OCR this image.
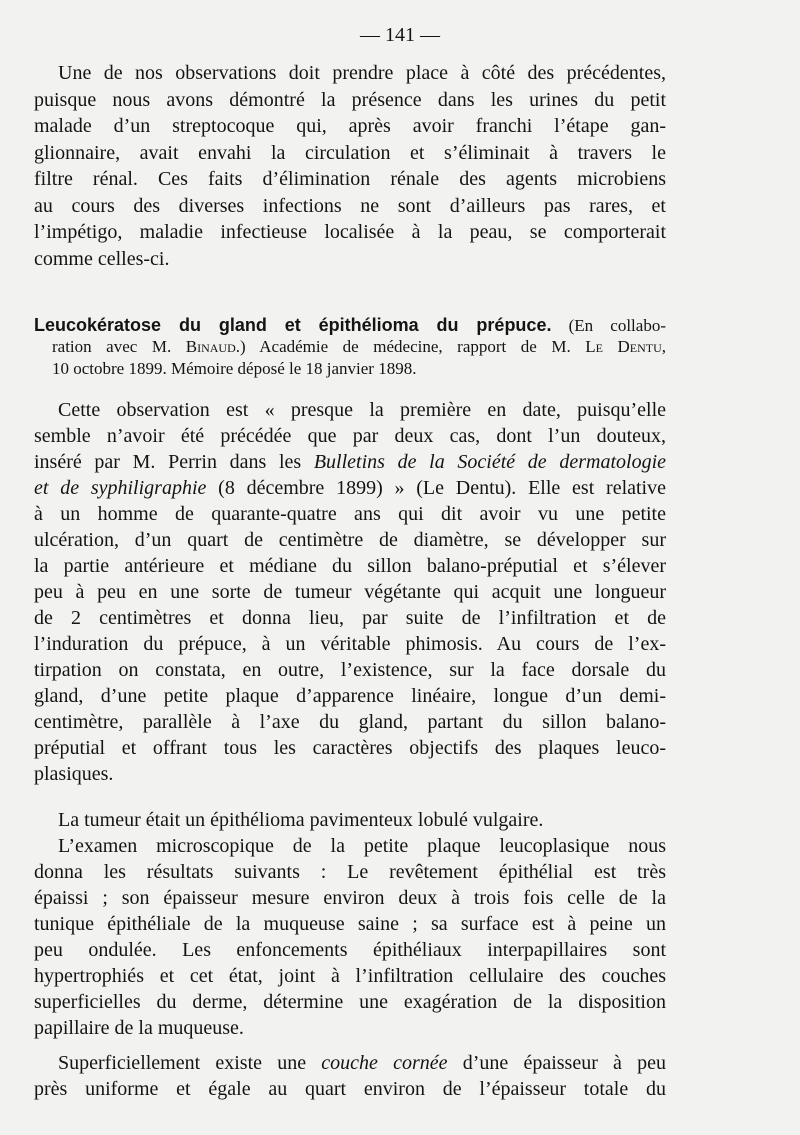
— 141 —
Une de nos observations doit prendre place à côté des précédentes,
puisque nous avons démontré la présence dans les urines du petit
malade d’un streptocoque qui, après avoir franchi l’étape gan-
glionnaire, avait envahi la circulation et s’éliminait à travers le
filtre rénal. Ces faits d’élimination rénale des agents microbiens
au cours des diverses infections ne sont d’ailleurs pas rares, et
l’impétigo, maladie infectieuse localisée à la peau, se comporterait
comme celles-ci.
Leucokératose du gland et épithélioma du prépuce. (En collabo-
ration avec M. Binaud.) Académie de médecine, rapport de M. Le Dentu,
10 octobre 1899. Mémoire déposé le 18 janvier 1898.
Cette observation est « presque la première en date, puisqu’elle
semble n’avoir été précédée que par deux cas, dont l’un douteux,
inséré par M. Perrin dans les Bulletins de la Société de dermatologie
et de syphiligraphie (8 décembre 1899) » (Le Dentu). Elle est relative
à un homme de quarante-quatre ans qui dit avoir vu une petite
ulcération, d’un quart de centimètre de diamètre, se développer sur
la partie antérieure et médiane du sillon balano-préputial et s’élever
peu à peu en une sorte de tumeur végétante qui acquit une longueur
de 2 centimètres et donna lieu, par suite de l’infiltration et de
l’induration du prépuce, à un véritable phimosis. Au cours de l’ex-
tirpation on constata, en outre, l’existence, sur la face dorsale du
gland, d’une petite plaque d’apparence linéaire, longue d’un demi-
centimètre, parallèle à l’axe du gland, partant du sillon balano-
préputial et offrant tous les caractères objectifs des plaques leuco-
plasiques.
La tumeur était un épithélioma pavimenteux lobulé vulgaire.
L’examen microscopique de la petite plaque leucoplasique nous
donna les résultats suivants : Le revêtement épithélial est très
épaissi ; son épaisseur mesure environ deux à trois fois celle de la
tunique épithéliale de la muqueuse saine ; sa surface est à peine un
peu ondulée. Les enfoncements épithéliaux interpapillaires sont
hypertrophiés et cet état, joint à l’infiltration cellulaire des couches
superficielles du derme, détermine une exagération de la disposition
papillaire de la muqueuse.
Superficiellement existe une couche cornée d’une épaisseur à peu
près uniforme et égale au quart environ de l’épaisseur totale du
